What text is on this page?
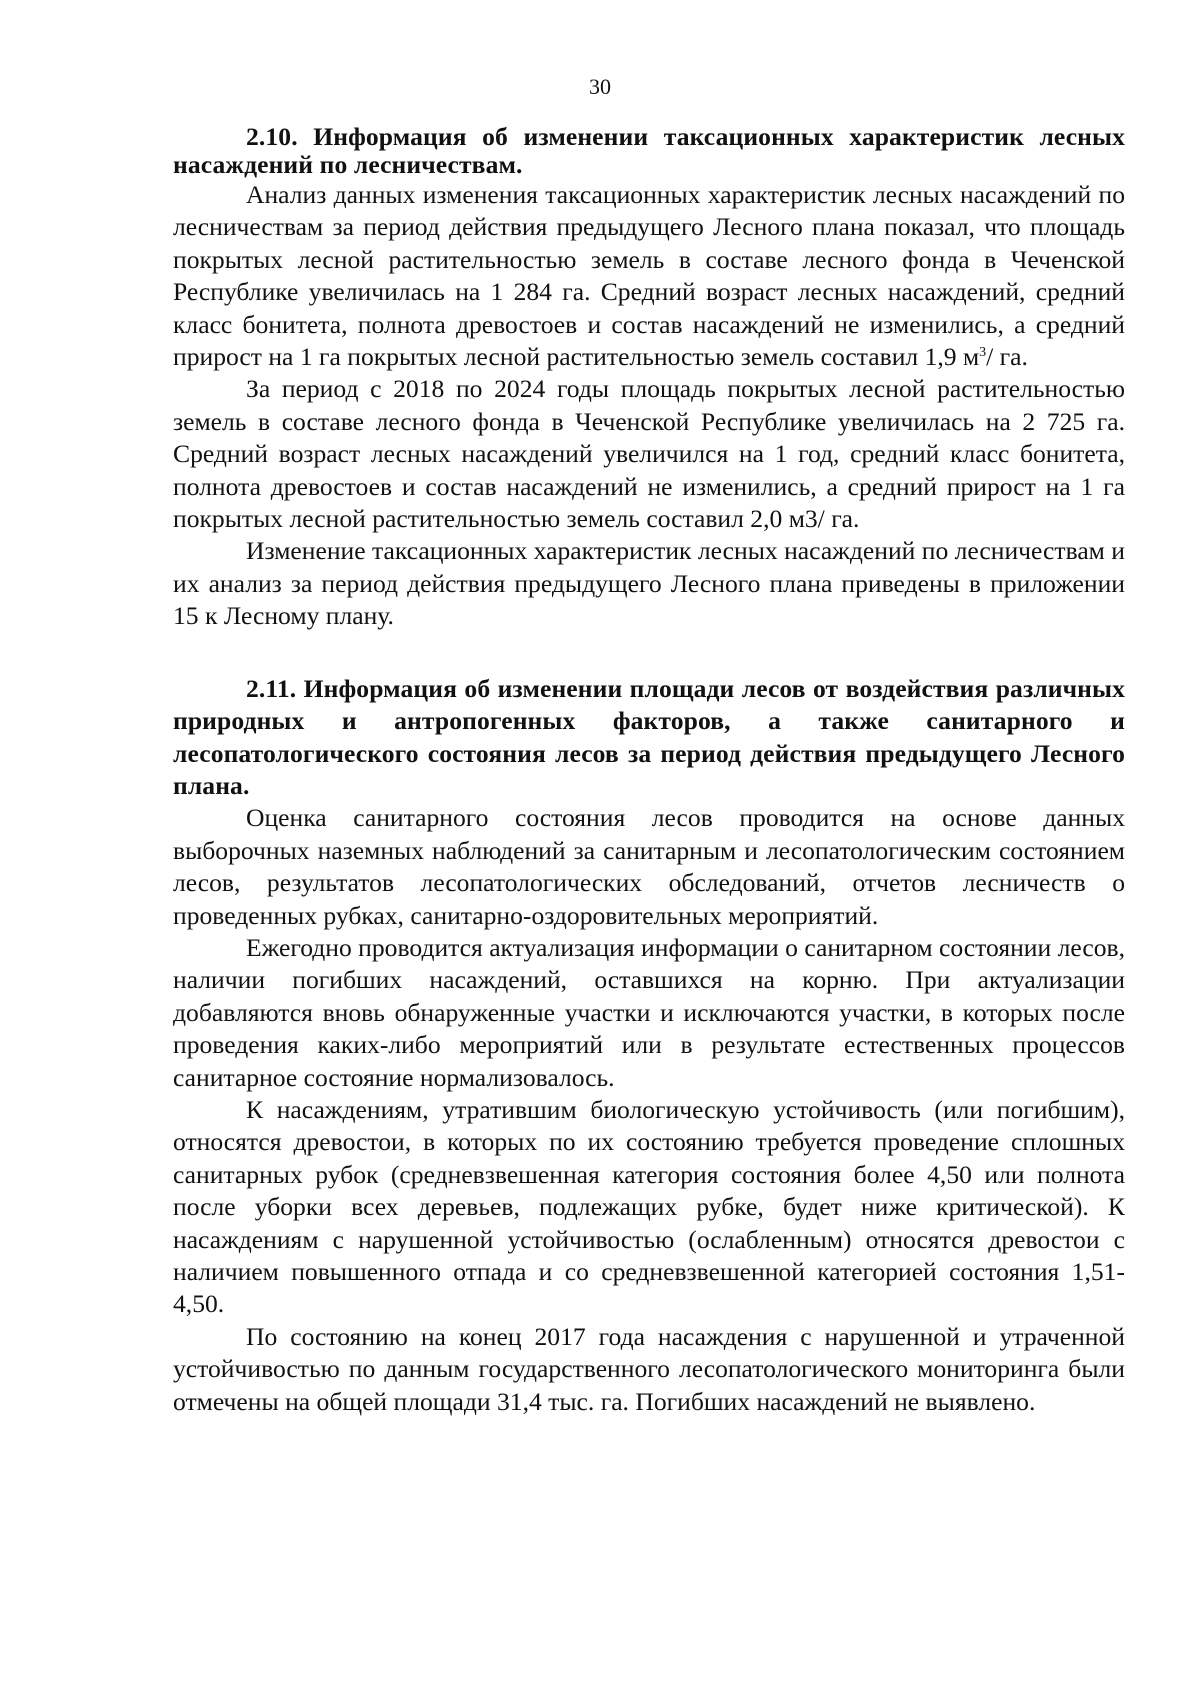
30

2.10. Информация об изменении таксационных характеристик лесных насаждений по лесничествам.

Анализ данных изменения таксационных характеристик лесных насаждений по лесничествам за период действия предыдущего Лесного плана показал, что площадь покрытых лесной растительностью земель в составе лесного фонда в Чеченской Республике увеличилась на 1 284 га. Средний возраст лесных насаждений, средний класс бонитета, полнота древостоев и состав насаждений не изменились, а средний прирост на 1 га покрытых лесной растительностью земель составил 1,9 $м^3/$ га.

За период с 2018 по 2024 годы площадь покрытых лесной растительностью земель в составе лесного фонда в Чеченской Республике увеличилась на 2 725 га. Средний возраст лесных насаждений увеличился на 1 год, средний класс бонитета, полнота древостоев и состав насаждений не изменились, а средний прирост на 1 га покрытых лесной растительностью земель составил 2,0 м3/ га.

Изменение таксационных характеристик лесных насаждений по лесничествам и их анализ за период действия предыдущего Лесного плана приведены в приложении 15 к Лесному плану.

2.11. Информация об изменении площади лесов от воздействия различных природных и антропогенных факторов, а также санитарного и лесопатологического состояния лесов за период действия предыдущего Лесного плана.

Оценка санитарного состояния лесов проводится на основе данных выборочных наземных наблюдений за санитарным и лесопатологическим состоянием лесов, результатов лесопатологических обследований, отчетов лесничеств о проведенных рубках, санитарно-оздоровительных мероприятий.

Ежегодно проводится актуализация информации о санитарном состоянии лесов, наличии погибших насаждений, оставшихся на корню. При актуализации добавляются вновь обнаруженные участки и исключаются участки, в которых после проведения каких-либо мероприятий или в результате естественных процессов санитарное состояние нормализовалось.

К насаждениям, утратившим биологическую устойчивость (или погибшим), относятся древостои, в которых по их состоянию требуется проведение сплошных санитарных рубок (средневзвешенная категория состояния более 4,50 или полнота после уборки всех деревьев, подлежащих рубке, будет ниже критической). К насаждениям с нарушенной устойчивостью (ослабленным) относятся древостои с наличием повышенного отпада и со средневзвешенной категорией состояния 1,51-4,50.

По состоянию на конец 2017 года насаждения с нарушенной и утраченной устойчивостью по данным государственного лесопатологического мониторинга были отмечены на общей площади 31,4 тыс. га. Погибших насаждений не выявлено.
